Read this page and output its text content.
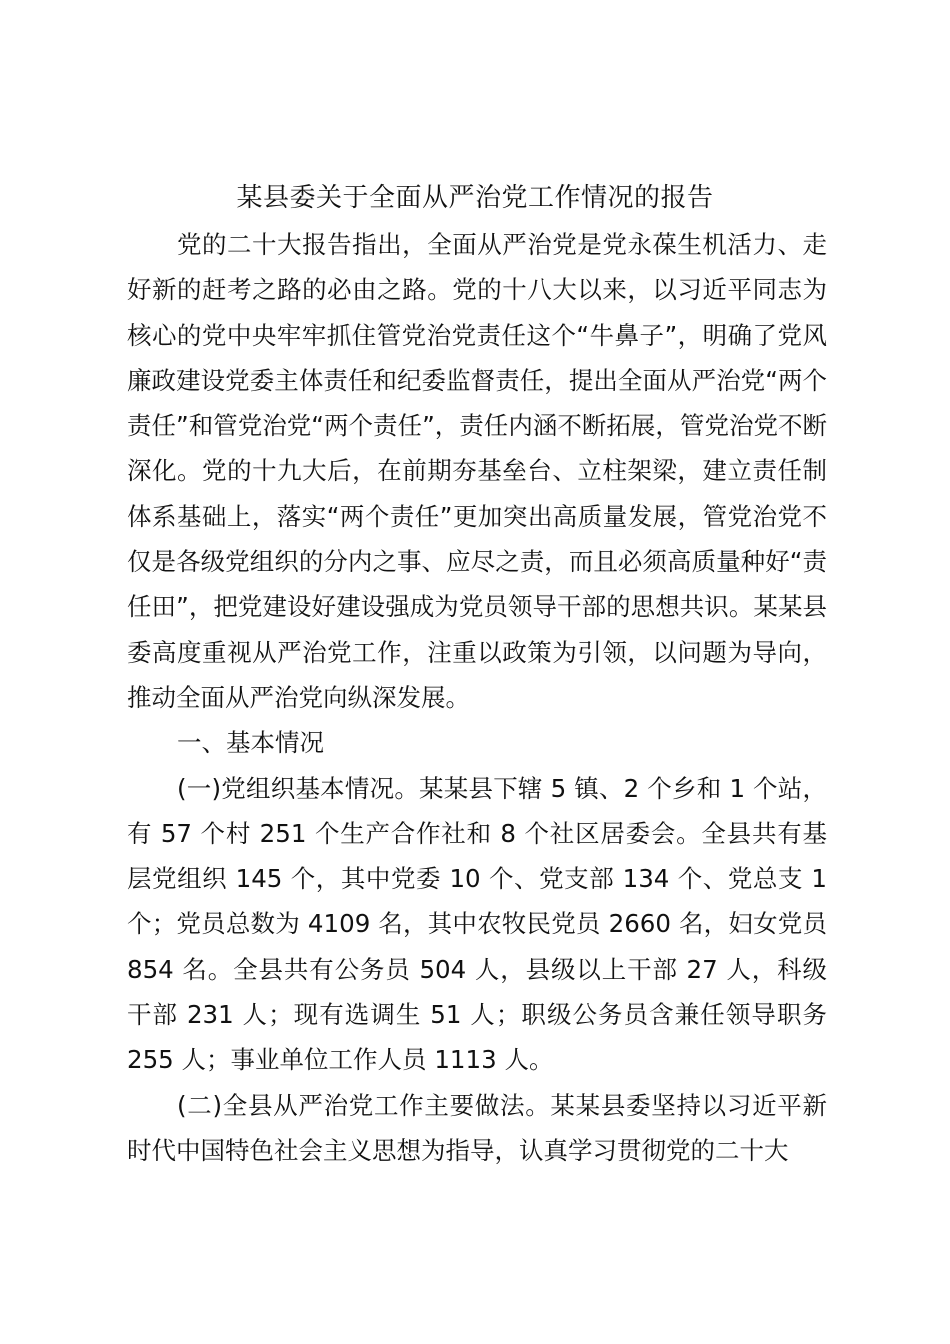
某县委关于全面从严治党工作情况的报告

党的二十大报告指出，全面从严治党是党永葆生机活力、走好新的赶考之路的必由之路。党的十八大以来，以习近平同志为核心的党中央牢牢抓住管党治党责任这个“牛鼻子”，明确了党风廉政建设党委主体责任和纪委监督责任，提出全面从严治党“两个责任”和管党治党“两个责任”，责任内涵不断拓展，管党治党不断深化。党的十九大后，在前期夯基垒台、立柱架梁，建立责任制体系基础上，落实“两个责任”更加突出高质量发展，管党治党不仅是各级党组织的分内之事、应尽之责，而且必须高质量种好“责任田”，把党建设好建设强成为党员领导干部的思想共识。某某县委高度重视从严治党工作，注重以政策为引领，以问题为导向，推动全面从严治党向纵深发展。

一、基本情况

(一)党组织基本情况。某某县下辖 5 镇、2 个乡和 1 个站，有 57 个村 251 个生产合作社和 8 个社区居委会。全县共有基层党组织 145 个，其中党委 10 个、党支部 134 个、党总支 1 个；党员总数为 4109 名，其中农牧民党员 2660 名，妇女党员 854 名。全县共有公务员 504 人，县级以上干部 27 人，科级干部 231 人；现有选调生 51 人；职级公务员含兼任领导职务 255 人；事业单位工作人员 1113 人。

(二)全县从严治党工作主要做法。某某县委坚持以习近平新时代中国特色社会主义思想为指导，认真学习贯彻党的二十大
